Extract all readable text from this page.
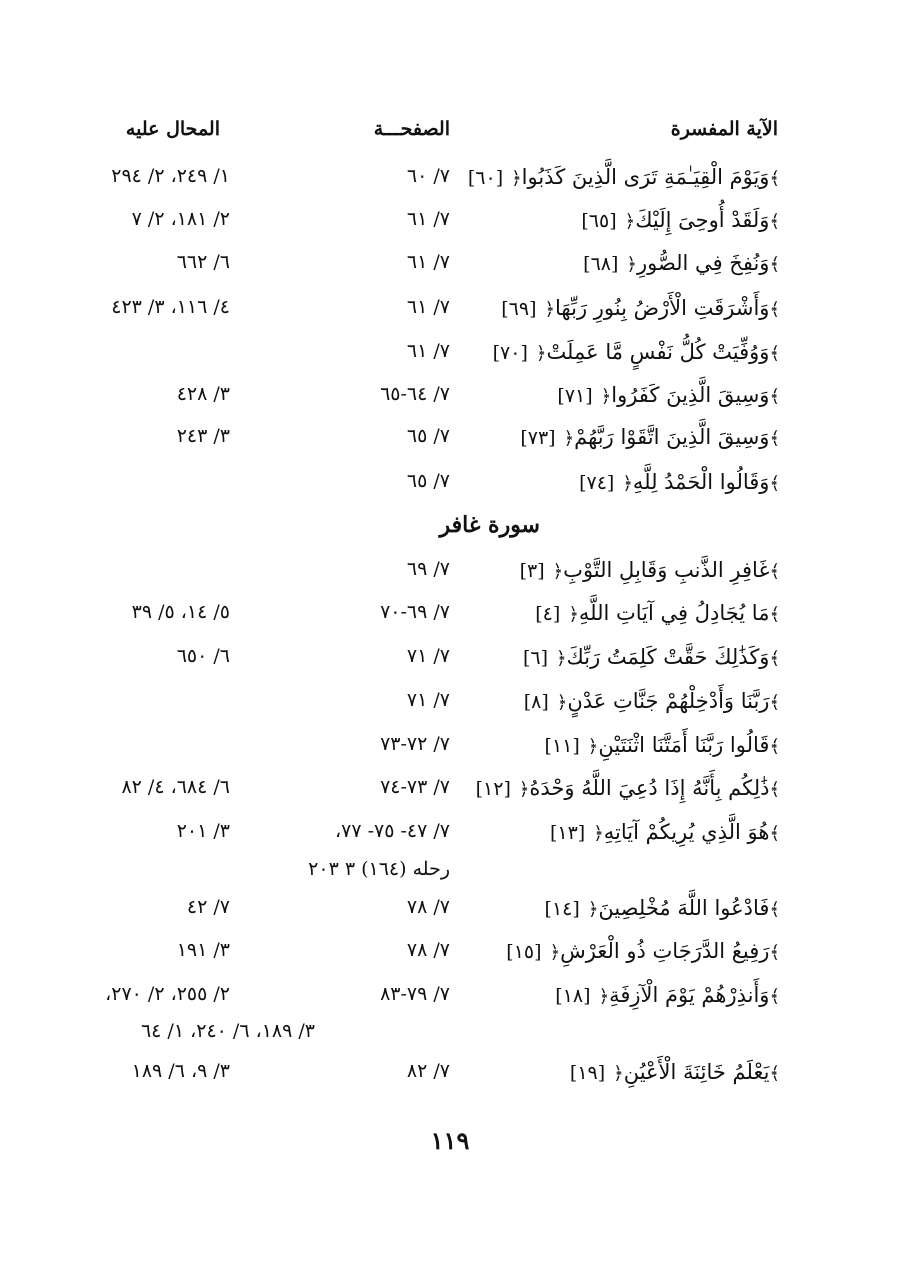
الآية المفسرة
الصفحـــة
المحال عليه
﴾وَيَوْمَ الْقِيَـٰمَةِ تَرَى الَّذِينَ كَذَبُوا﴿[٦٠]
٧/ ٦٠
١/ ٢٤٩، ٢/ ٢٩٤
﴾وَلَقَدْ أُوحِىَ إِلَيْكَ﴿[٦٥]
٧/ ٦١
٢/ ١٨١، ٢/ ٧
﴾وَنُفِخَ فِي الصُّورِ﴿[٦٨]
٧/ ٦١
٦/ ٦٦٢
﴾وَأَشْرَقَتِ الْأَرْضُ بِنُورِ رَبِّهَا﴿[٦٩]
٧/ ٦١
٤/ ١١٦، ٣/ ٤٢٣
﴾وَوُفِّيَتْ كُلُّ نَفْسٍ مَّا عَمِلَتْ﴿[٧٠]
٧/ ٦١
﴾وَسِيقَ الَّذِينَ كَفَرُوا﴿[٧١]
٧/ ٦٤-٦٥
٣/ ٤٢٨
﴾وَسِيقَ الَّذِينَ اتَّقَوْا رَبَّهُمْ﴿[٧٣]
٧/ ٦٥
٣/ ٢٤٣
﴾وَقَالُوا الْحَمْدُ لِلَّهِ﴿[٧٤]
٧/ ٦٥
سورة غافر
﴾غَافِرِ الذَّنبِ وَقَابِلِ التَّوْبِ﴿[٣]
٧/ ٦٩
﴾مَا يُجَادِلُ فِي آيَاتِ اللَّهِ﴿[٤]
٧/ ٦٩-٧٠
٥/ ١٤، ٥/ ٣٩
﴾وَكَذَٰلِكَ حَقَّتْ كَلِمَتُ رَبِّكَ﴿[٦]
٧/ ٧١
٦/ ٦٥٠
﴾رَبَّنَا وَأَدْخِلْهُمْ جَنَّاتِ عَدْنٍ﴿[٨]
٧/ ٧١
﴾قَالُوا رَبَّنَا أَمَتَّنَا اثْنَتَيْنِ﴿[١١]
٧/ ٧٢-٧٣
﴾ذَٰلِكُم بِأَنَّهُ إِذَا دُعِيَ اللَّهُ وَحْدَهُ﴿[١٢]
٧/ ٧٣-٧٤
٦/ ٦٨٤، ٤/ ٨٢
﴾هُوَ الَّذِي يُرِيكُمْ آيَاتِهِ﴿[١٣]
٧/ ٤٧- ٧٥- ٧٧،
٣/ ٢٠١
رحله (١٦٤) ٣ ٢٠٣
﴾فَادْعُوا اللَّهَ مُخْلِصِينَ﴿[١٤]
٧/ ٧٨
٧/ ٤٢
﴾رَفِيعُ الدَّرَجَاتِ ذُو الْعَرْشِ﴿[١٥]
٧/ ٧٨
٣/ ١٩١
﴾وَأَنذِرْهُمْ يَوْمَ الْآزِفَةِ﴿[١٨]
٧/ ٧٩-٨٣
٢/ ٢٥٥، ٢/ ٢٧٠،
٣/ ١٨٩، ٦/ ٢٤٠، ١/ ٦٤
﴾يَعْلَمُ خَائِنَةَ الْأَعْيُنِ﴿[١٩]
٧/ ٨٢
٣/ ٩، ٦/ ١٨٩
١١٩
